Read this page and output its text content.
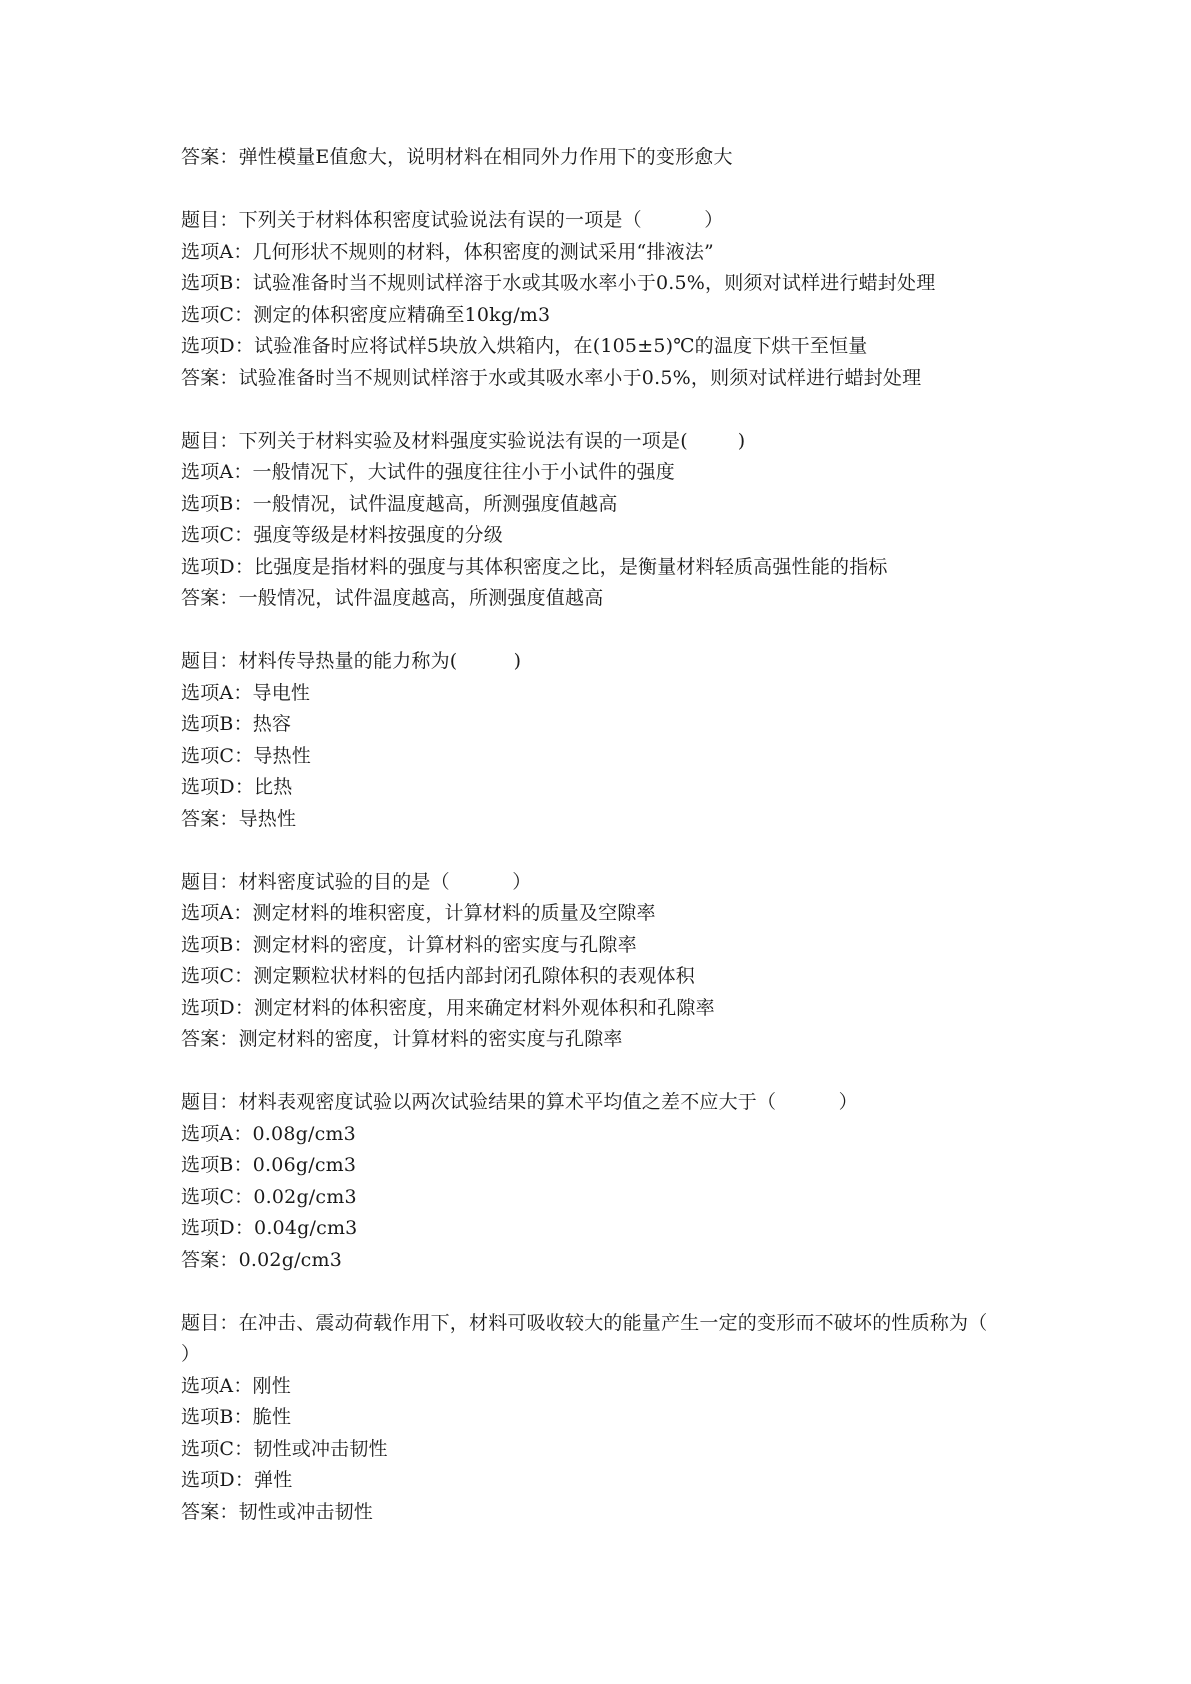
答案：弹性模量E值愈大，说明材料在相同外力作用下的变形愈大
题目：下列关于材料体积密度试验说法有误的一项是（          ）
选项A：几何形状不规则的材料，体积密度的测试采用“排液法”
选项B：试验准备时当不规则试样溶于水或其吸水率小于0.5%，则须对试样进行蜡封处理
选项C：测定的体积密度应精确至10kg/m3
选项D：试验准备时应将试样5块放入烘箱内，在(105±5)℃的温度下烘干至恒量
答案：试验准备时当不规则试样溶于水或其吸水率小于0.5%，则须对试样进行蜡封处理
题目：下列关于材料实验及材料强度实验说法有误的一项是(        )
选项A：一般情况下，大试件的强度往往小于小试件的强度
选项B：一般情况，试件温度越高，所测强度值越高
选项C：强度等级是材料按强度的分级
选项D：比强度是指材料的强度与其体积密度之比，是衡量材料轻质高强性能的指标
答案：一般情况，试件温度越高，所测强度值越高
题目：材料传导热量的能力称为(         )
选项A：导电性
选项B：热容
选项C：导热性
选项D：比热
答案：导热性
题目：材料密度试验的目的是（          ）
选项A：测定材料的堆积密度，计算材料的质量及空隙率
选项B：测定材料的密度，计算材料的密实度与孔隙率
选项C：测定颗粒状材料的包括内部封闭孔隙体积的表观体积
选项D：测定材料的体积密度，用来确定材料外观体积和孔隙率
答案：测定材料的密度，计算材料的密实度与孔隙率
题目：材料表观密度试验以两次试验结果的算术平均值之差不应大于（          ）
选项A：0.08g/cm3
选项B：0.06g/cm3
选项C：0.02g/cm3
选项D：0.04g/cm3
答案：0.02g/cm3
题目：在冲击、震动荷载作用下，材料可吸收较大的能量产生一定的变形而不破坏的性质称为（         ）
选项A：刚性
选项B：脆性
选项C：韧性或冲击韧性
选项D：弹性
答案：韧性或冲击韧性
